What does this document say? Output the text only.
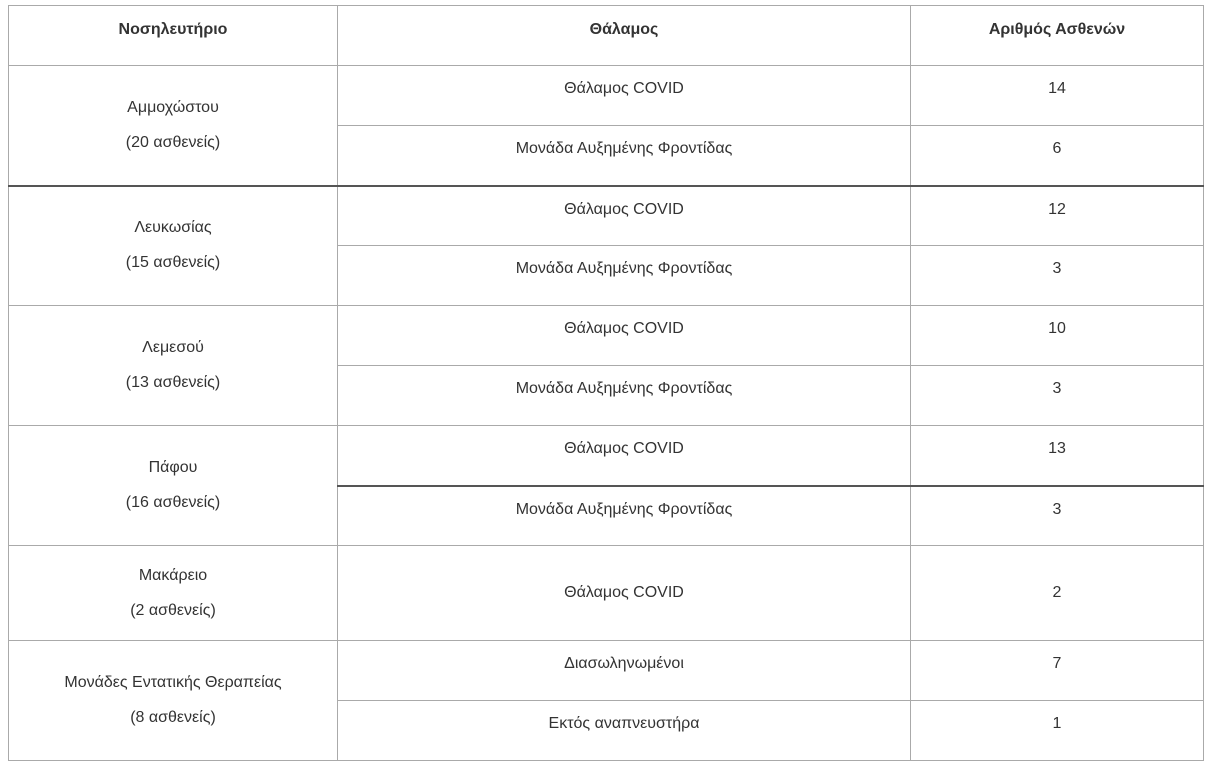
Νοσηλευτήριο	Θάλαμος	Αριθμός Ασθενών

Αμμοχώστου
(20 ασθενείς)	Θάλαμος COVID	14
	Μονάδα Αυξημένης Φροντίδας	6

Λευκωσίας
(15 ασθενείς)	Θάλαμος COVID	12
	Μονάδα Αυξημένης Φροντίδας	3

Λεμεσού
(13 ασθενείς)	Θάλαμος COVID	10
	Μονάδα Αυξημένης Φροντίδας	3

Πάφου
(16 ασθενείς)	Θάλαμος COVID	13
	Μονάδα Αυξημένης Φροντίδας	3

Μακάρειο
(2 ασθενείς)	Θάλαμος COVID	2

Μονάδες Εντατικής Θεραπείας
(8 ασθενείς)	Διασωληνωμένοι	7
	Εκτός αναπνευστήρα	1
